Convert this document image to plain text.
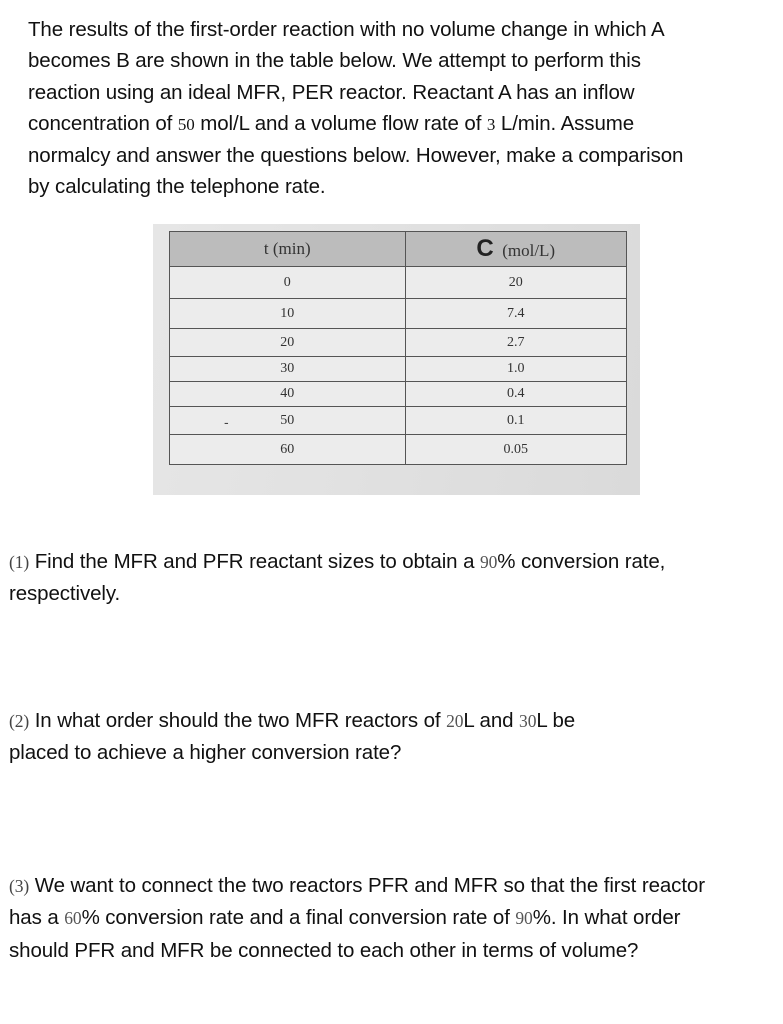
The results of the first-order reaction with no volume change in which A
becomes B are shown in the table below. We attempt to perform this
reaction using an ideal MFR, PER reactor. Reactant A has an inflow
concentration of 50 mol/L and a volume flow rate of 3 L/min. Assume
normalcy and answer the questions below. However, make a comparison
by calculating the telephone rate.
t (min)	C (mol/L)
0	20
10	7.4
20	2.7
30	1.0
40	0.4
50	0.1
60	0.05
-
(1) Find the MFR and PFR reactant sizes to obtain a 90% conversion rate,
respectively.
(2) In what order should the two MFR reactors of 20L and 30L be
placed to achieve a higher conversion rate?
(3) We want to connect the two reactors PFR and MFR so that the first reactor
has a 60% conversion rate and a final conversion rate of 90%. In what order
should PFR and MFR be connected to each other in terms of volume?
